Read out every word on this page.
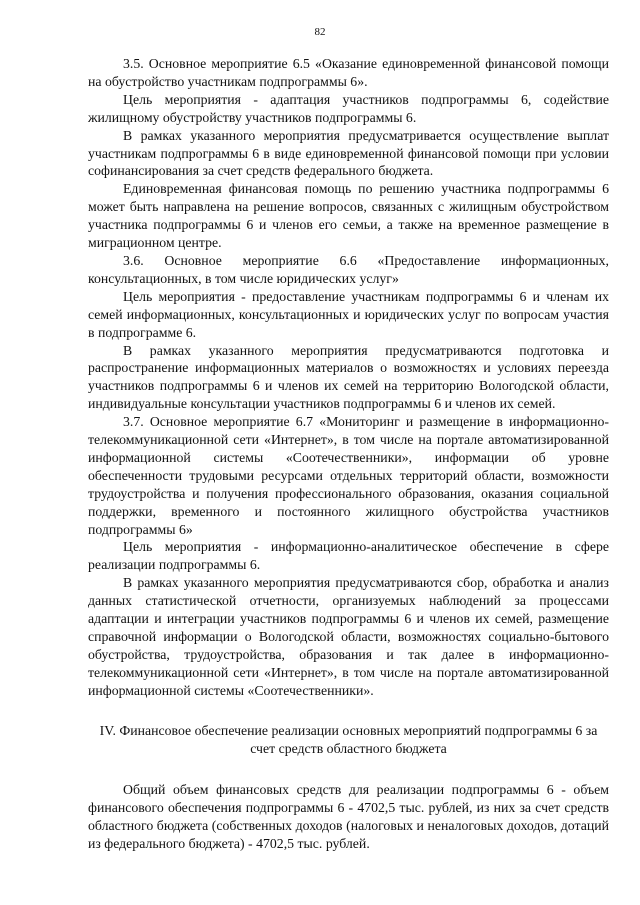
82

3.5. Основное мероприятие 6.5 «Оказание единовременной финансовой помощи на обустройство участникам подпрограммы 6».

Цель мероприятия - адаптация участников подпрограммы 6, содействие жилищному обустройству участников подпрограммы 6.

В рамках указанного мероприятия предусматривается осуществление выплат участникам подпрограммы 6 в виде единовременной финансовой помощи при условии софинансирования за счет средств федерального бюджета.

Единовременная финансовая помощь по решению участника подпрограммы 6 может быть направлена на решение вопросов, связанных с жилищным обустройством участника подпрограммы 6 и членов его семьи, а также на временное размещение в миграционном центре.

3.6. Основное мероприятие 6.6 «Предоставление информационных, консультационных, в том числе юридических услуг»

Цель мероприятия - предоставление участникам подпрограммы 6 и членам их семей информационных, консультационных и юридических услуг по вопросам участия в подпрограмме 6.

В рамках указанного мероприятия предусматриваются подготовка и распространение информационных материалов о возможностях и условиях переезда участников подпрограммы 6 и членов их семей на территорию Вологодской области, индивидуальные консультации участников подпрограммы 6 и членов их семей.

3.7. Основное мероприятие 6.7 «Мониторинг и размещение в информационно-телекоммуникационной сети «Интернет», в том числе на портале автоматизированной информационной системы «Соотечественники», информации об уровне обеспеченности трудовыми ресурсами отдельных территорий области, возможности трудоустройства и получения профессионального образования, оказания социальной поддержки, временного и постоянного жилищного обустройства участников подпрограммы 6»

Цель мероприятия - информационно-аналитическое обеспечение в сфере реализации подпрограммы 6.

В рамках указанного мероприятия предусматриваются сбор, обработка и анализ данных статистической отчетности, организуемых наблюдений за процессами адаптации и интеграции участников подпрограммы 6 и членов их семей, размещение справочной информации о Вологодской области, возможностях социально-бытового обустройства, трудоустройства, образования и так далее в информационно-телекоммуникационной сети «Интернет», в том числе на портале автоматизированной информационной системы «Соотечественники».

IV. Финансовое обеспечение реализации основных мероприятий подпрограммы 6 за счет средств областного бюджета

Общий объем финансовых средств для реализации подпрограммы 6 - объем финансового обеспечения подпрограммы 6 - 4702,5 тыс. рублей, из них за счет средств областного бюджета (собственных доходов (налоговых и неналоговых доходов, дотаций из федерального бюджета) - 4702,5 тыс. рублей.
